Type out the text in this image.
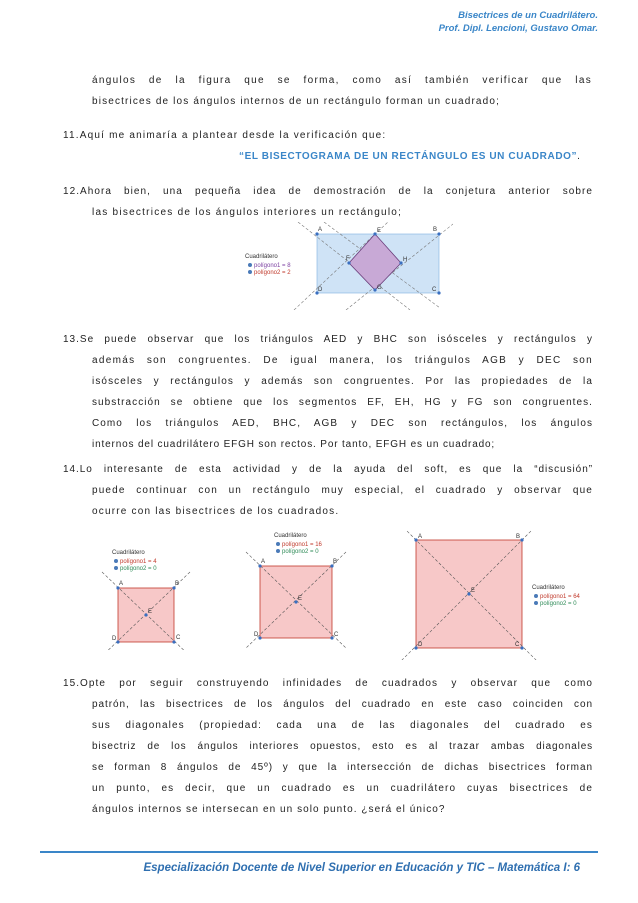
Bisectrices de un Cuadrilátero.
Prof. Dipl. Lencioni, Gustavo Omar.
ángulos de la figura que se forma, como así también verificar que las
bisectrices de los ángulos internos de un rectángulo forman un cuadrado;
11.Aquí me animaría a plantear desde la verificación que:
“EL BISECTOGRAMA DE UN RECTÁNGULO ES UN CUADRADO”.
12.Ahora bien, una pequeña idea de demostración de la conjetura anterior sobre
las bisectrices de los ángulos interiores un rectángulo;
A	B
C
D
E
F
G
H
Cuadrilátero
polígono1 = 8
polígono2 = 2
13.Se puede observar que los triángulos AED y BHC son isósceles y rectángulos y
además son congruentes. De igual manera, los triángulos AGB y DEC son
isósceles y rectángulos y además son congruentes. Por las propiedades de la
substracción se obtiene que los segmentos EF, EH, HG y FG son congruentes.
Como los triángulos AED, BHC, AGB y DEC son rectángulos, los ángulos
internos del cuadrilátero EFGH son rectos. Por tanto, EFGH es un cuadrado;
14.Lo interesante de esta actividad y de la ayuda del soft, es que la “discusión”
puede continuar con un rectángulo muy especial, el cuadrado y observar que
ocurre con las bisectrices de los cuadrados.
Cuadrilátero
polígono1 = 4
polígono2 = 0
A	B
C
D
E
Cuadrilátero
polígono1 = 16
polígono2 = 0
A	B
C
D
E
A	B
C
D
E	Cuadrilátero
polígono1 = 64
polígono2 = 0
15.Opte por seguir construyendo infinidades de cuadrados y observar que como
patrón, las bisectrices de los ángulos del cuadrado en este caso coinciden con
sus diagonales (propiedad: cada una de las diagonales del cuadrado es
bisectriz de los ángulos interiores opuestos, esto es al trazar ambas diagonales
se forman 8 ángulos de 45º) y que la intersección de dichas bisectrices forman
un punto, es decir, que un cuadrado es un cuadrilátero cuyas bisectrices de
ángulos internos se intersecan en un solo punto. ¿será el único?
Especialización Docente de Nivel Superior en Educación y TIC – Matemática I: 6
